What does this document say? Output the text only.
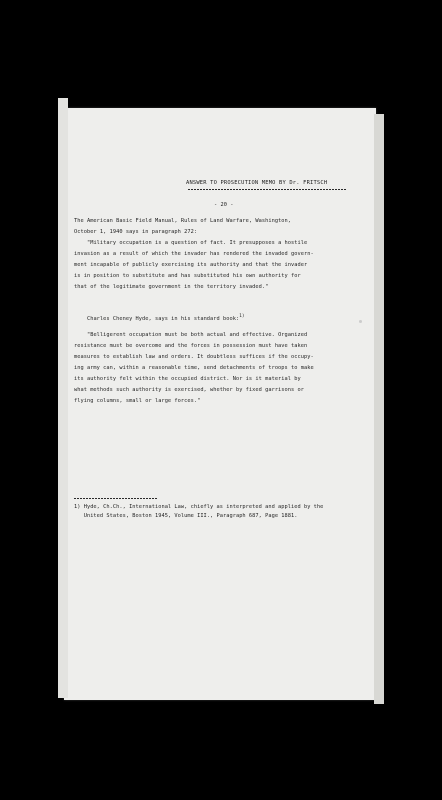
ANSWER TO PROSECUTION MEMO BY Dr. FRITSCH
- 20 -
The American Basic Field Manual, Rules of Land Warfare, Washington,
October 1, 1940 says in paragraph 272:
"Military occupation is a question of fact. It presupposes a hostile
invasion as a result of which the invader has rendered the invaded govern-
ment incapable of publicly exercising its authority and that the invader
is in position to substitute and has substituted his own authority for
that of the legitimate government in the territory invaded."
Charles Cheney Hyde, says in his standard book:$^{1)}$
"Belligerent occupation must be both actual and effective. Organized
resistance must be overcome and the forces in possession must have taken
measures to establish law and orders. It doubtless suffices if the occupy-
ing army can, within a reasonable time, send detachments of troops to make
its authority felt within the occupied district. Nor is it material by
what methods such authority is exercised, whether by fixed garrisons or
flying columns, small or large forces."
1) Hyde, Ch.Ch., International Law, chiefly as interpreted and applied by the
United States, Boston 1945, Volume III., Paragraph 687, Page 1881.
